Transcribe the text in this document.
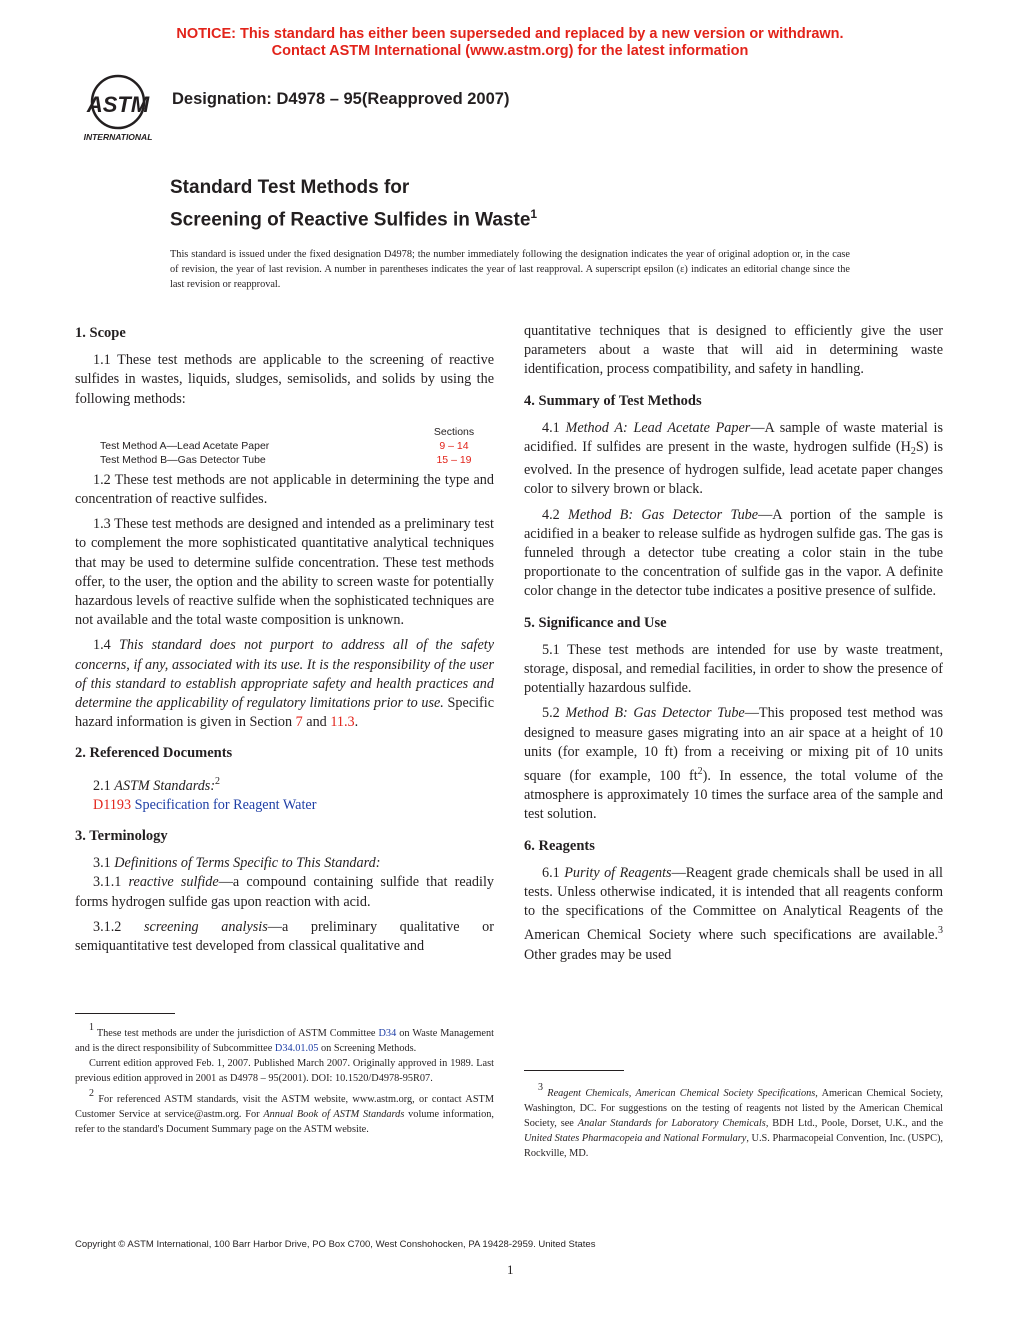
NOTICE: This standard has either been superseded and replaced by a new version or withdrawn.
Contact ASTM International (www.astm.org) for the latest information
ASTM
INTERNATIONAL
Designation: D4978 – 95(Reapproved 2007)
Standard Test Methods for
Screening of Reactive Sulfides in Waste$^1$
This standard is issued under the fixed designation D4978; the number immediately following the designation indicates the year of original adoption or, in the case of revision, the year of last revision. A number in parentheses indicates the year of last reapproval. A superscript epsilon (ε) indicates an editorial change since the last revision or reapproval.
1. Scope

1.1 These test methods are applicable to the screening of reactive sulfides in wastes, liquids, sludges, semisolids, and solids by using the following methods:

Sections
Test Method A—Lead Acetate Paper	9 – 14
Test Method B—Gas Detector Tube	15 – 19

1.2 These test methods are not applicable in determining the type and concentration of reactive sulfides.

1.3 These test methods are designed and intended as a preliminary test to complement the more sophisticated quantitative analytical techniques that may be used to determine sulfide concentration. These test methods offer, to the user, the option and the ability to screen waste for potentially hazardous levels of reactive sulfide when the sophisticated techniques are not available and the total waste composition is unknown.

1.4 This standard does not purport to address all of the safety concerns, if any, associated with its use. It is the responsibility of the user of this standard to establish appropriate safety and health practices and determine the applicability of regulatory limitations prior to use. Specific hazard information is given in Section 7 and 11.3.

2. Referenced Documents

2.1 ASTM Standards:$^2$

D1193 Specification for Reagent Water

3. Terminology

3.1 Definitions of Terms Specific to This Standard:

3.1.1 reactive sulfide—a compound containing sulfide that readily forms hydrogen sulfide gas upon reaction with acid.

3.1.2 screening analysis—a preliminary qualitative or semiquantitative test developed from classical qualitative and

quantitative techniques that is designed to efficiently give the user parameters about a waste that will aid in determining waste identification, process compatibility, and safety in handling.

4. Summary of Test Methods

4.1 Method A: Lead Acetate Paper—A sample of waste material is acidified. If sulfides are present in the waste, hydrogen sulfide $(H_2S)$ is evolved. In the presence of hydrogen sulfide, lead acetate paper changes color to silvery brown or black.

4.2 Method B: Gas Detector Tube—A portion of the sample is acidified in a beaker to release sulfide as hydrogen sulfide gas. The gas is funneled through a detector tube creating a color stain in the tube proportionate to the concentration of sulfide gas in the vapor. A definite color change in the detector tube indicates a positive presence of sulfide.

5. Significance and Use

5.1 These test methods are intended for use by waste treatment, storage, disposal, and remedial facilities, in order to show the presence of potentially hazardous sulfide.

5.2 Method B: Gas Detector Tube—This proposed test method was designed to measure gases migrating into an air space at a height of 10 units (for example, 10 ft) from a receiving or mixing pit of 10 units square (for example, 100 $ft^2$). In essence, the total volume of the atmosphere is approximately 10 times the surface area of the sample and test solution.

6. Reagents

6.1 Purity of Reagents—Reagent grade chemicals shall be used in all tests. Unless otherwise indicated, it is intended that all reagents conform to the specifications of the Committee on Analytical Reagents of the American Chemical Society where such specifications are available.$^3$ Other grades may be used

1 These test methods are under the jurisdiction of ASTM Committee D34 on Waste Management and is the direct responsibility of Subcommittee D34.01.05 on Screening Methods.

Current edition approved Feb. 1, 2007. Published March 2007. Originally approved in 1989. Last previous edition approved in 2001 as D4978 – 95(2001). DOI: 10.1520/D4978-95R07.

2 For referenced ASTM standards, visit the ASTM website, www.astm.org, or contact ASTM Customer Service at service@astm.org. For Annual Book of ASTM Standards volume information, refer to the standard's Document Summary page on the ASTM website.

3 Reagent Chemicals, American Chemical Society Specifications, American Chemical Society, Washington, DC. For suggestions on the testing of reagents not listed by the American Chemical Society, see Analar Standards for Laboratory Chemicals, BDH Ltd., Poole, Dorset, U.K., and the United States Pharmacopeia and National Formulary, U.S. Pharmacopeial Convention, Inc. (USPC), Rockville, MD.

Copyright © ASTM International, 100 Barr Harbor Drive, PO Box C700, West Conshohocken, PA 19428-2959. United States
1
